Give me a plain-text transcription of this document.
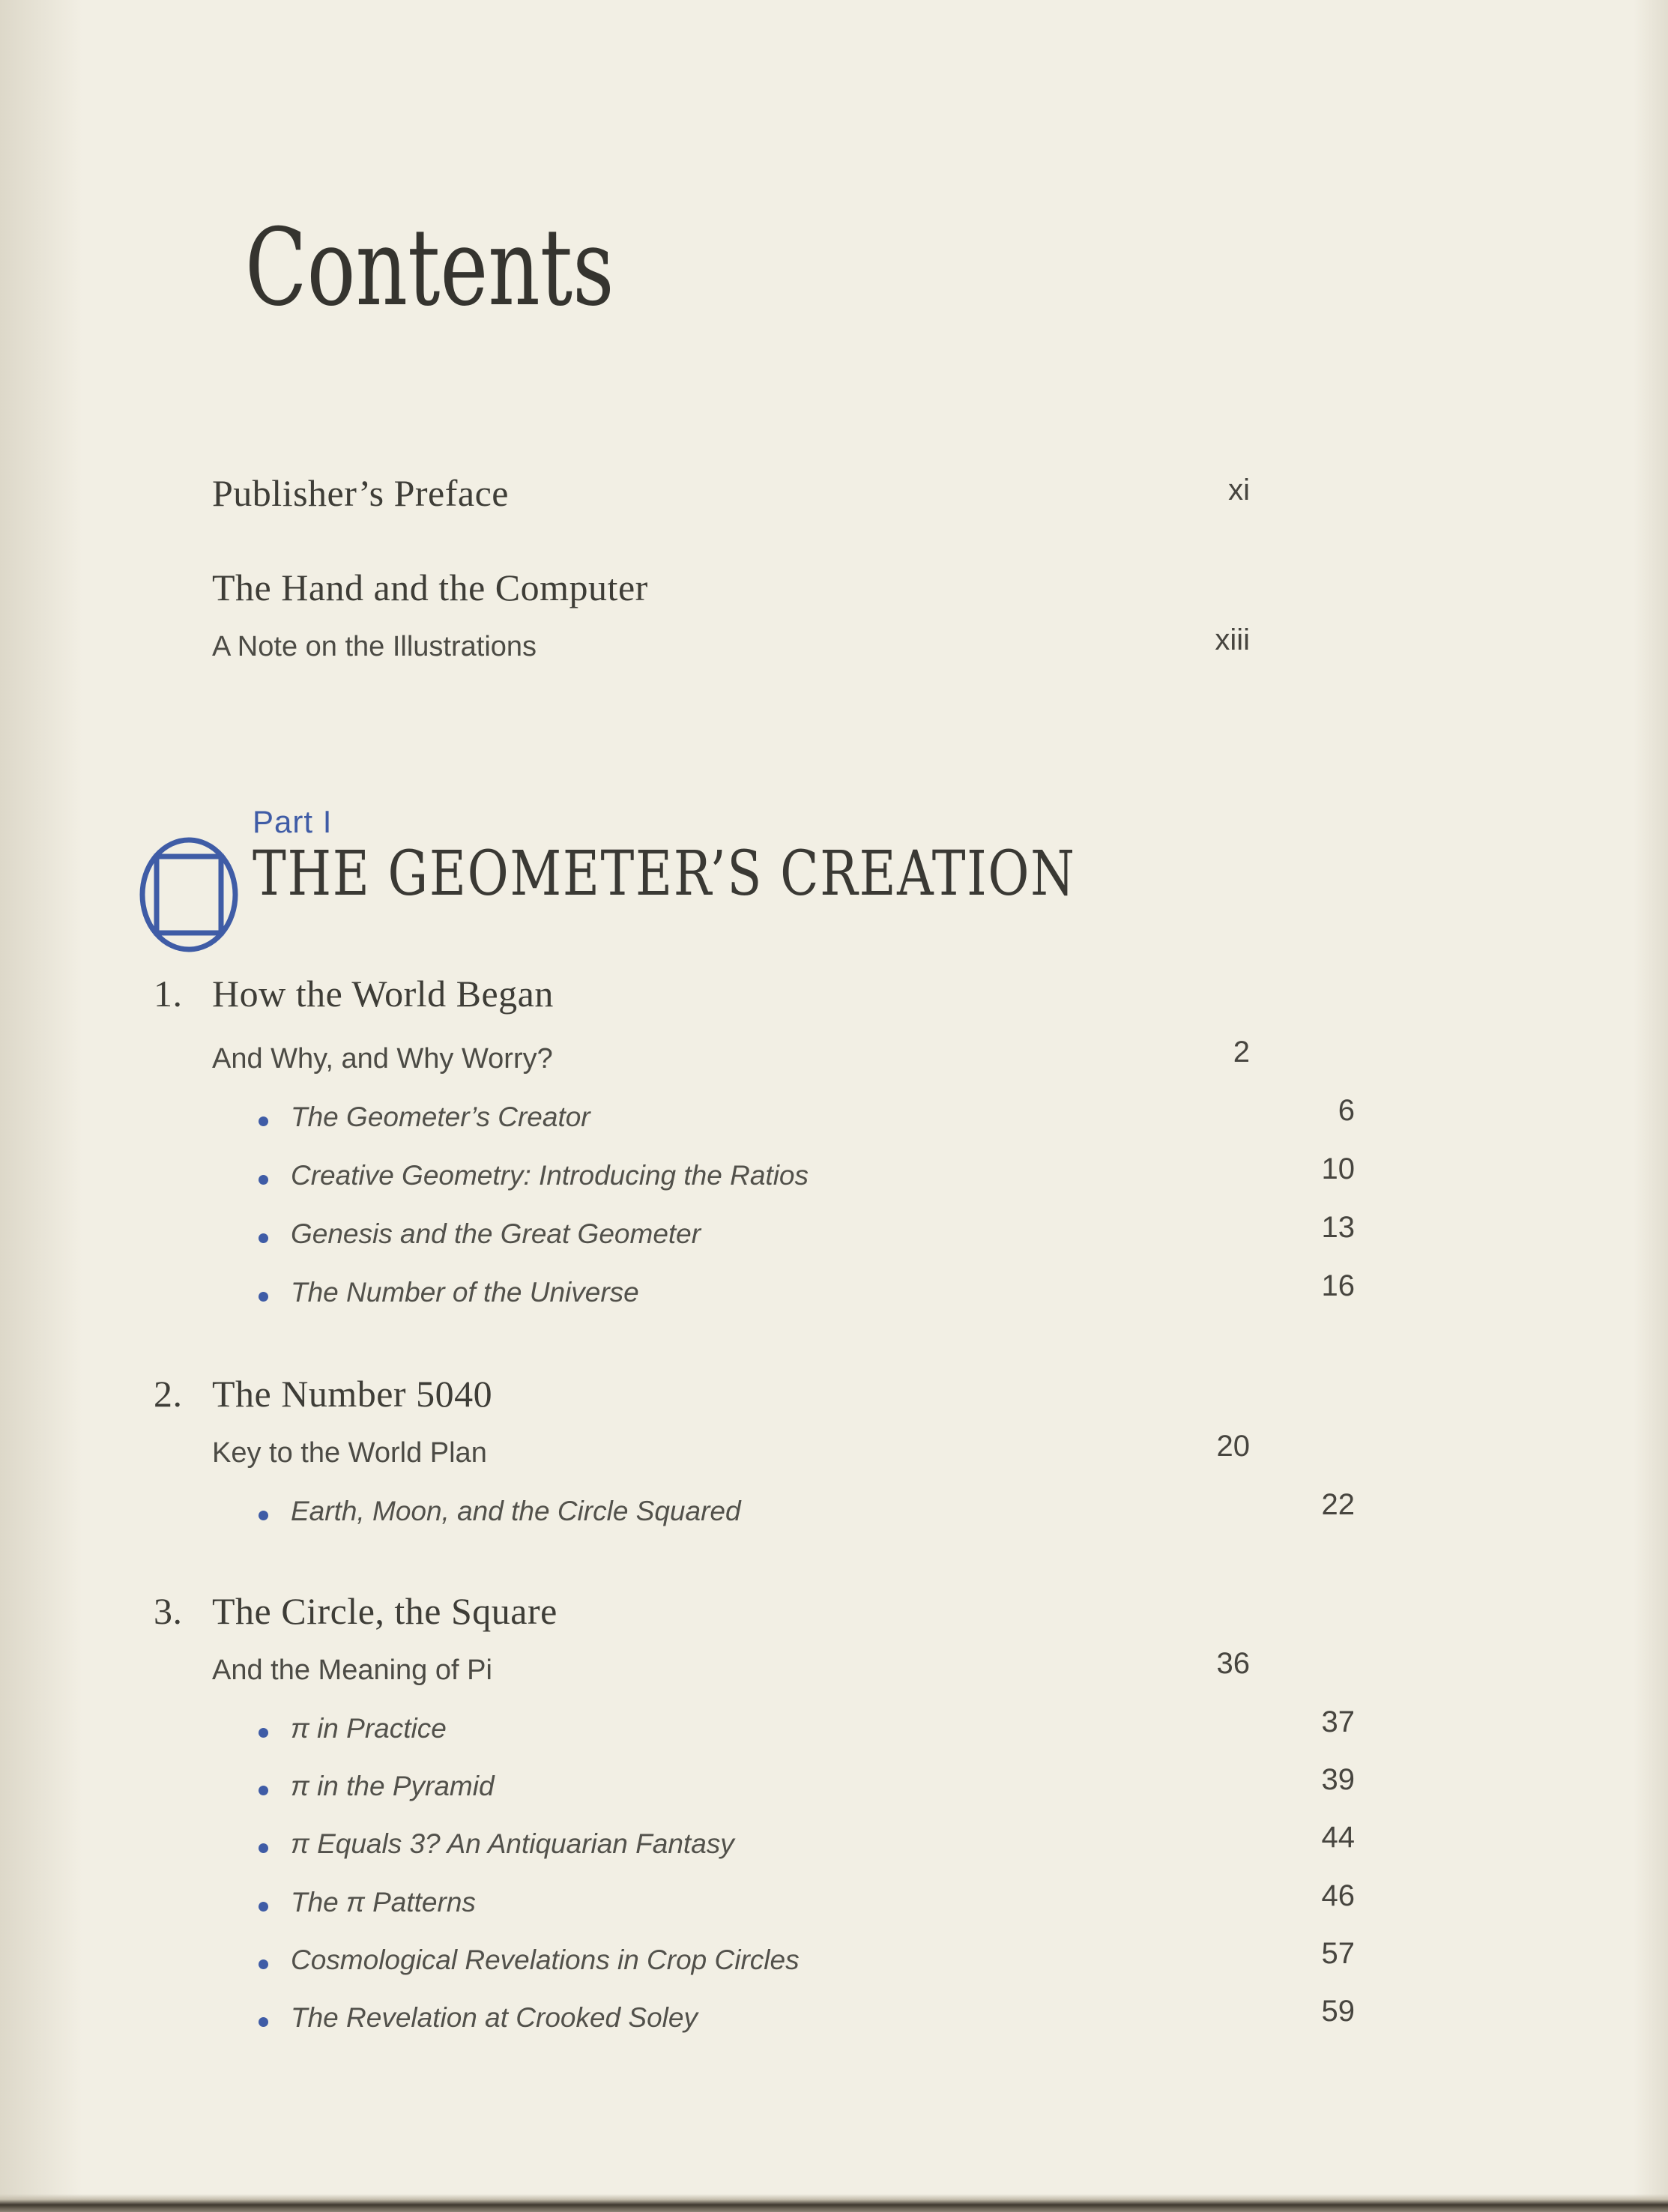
Contents
Publisher’s Preface	xi
The Hand and the Computer
A Note on the Illustrations	xiii
Part I
THE GEOMETER’S CREATION
1. How the World Began
And Why, and Why Worry?	2
The Geometer’s Creator	6
Creative Geometry: Introducing the Ratios	10
Genesis and the Great Geometer	13
The Number of the Universe	16
2. The Number 5040
Key to the World Plan	20
Earth, Moon, and the Circle Squared	22
3. The Circle, the Square
And the Meaning of Pi	36
π in Practice	37
π in the Pyramid	39
π Equals 3? An Antiquarian Fantasy	44
The π Patterns	46
Cosmological Revelations in Crop Circles	57
The Revelation at Crooked Soley	59
